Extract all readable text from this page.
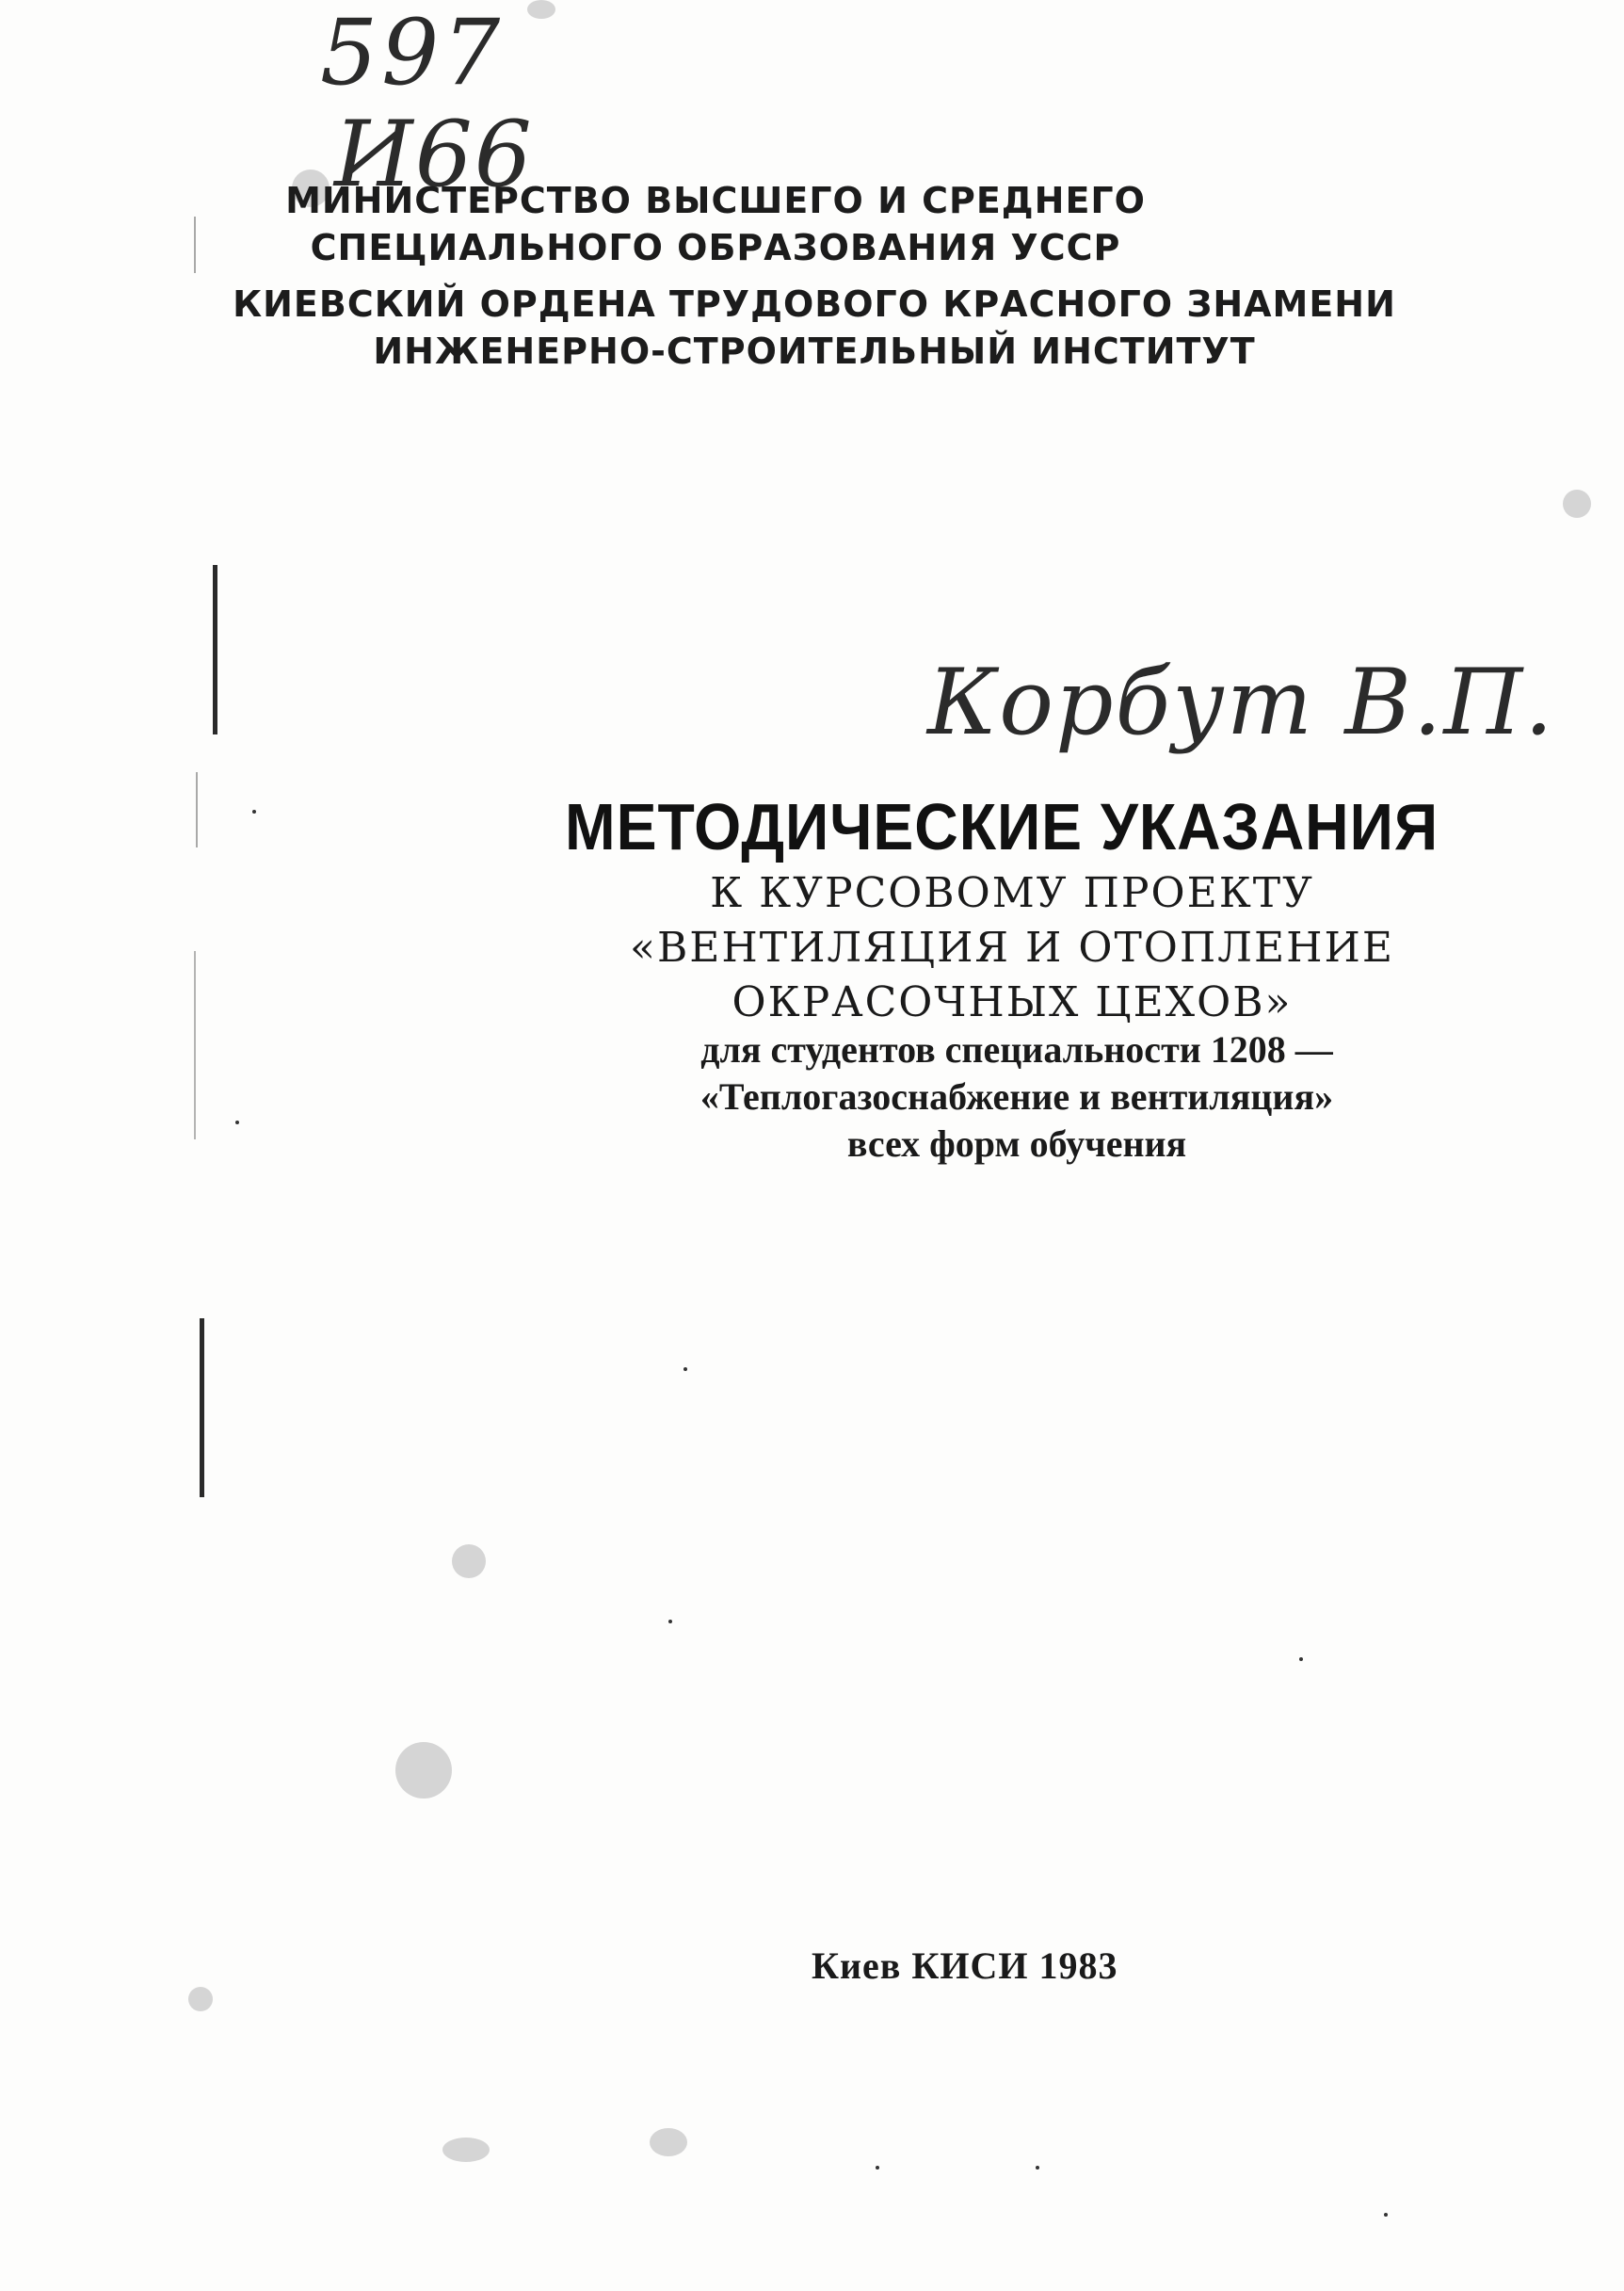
597
И66
МИНИСТЕРСТВО ВЫСШЕГО И СРЕДНЕГО
СПЕЦИАЛЬНОГО ОБРАЗОВАНИЯ УССР
КИЕВСКИЙ ОРДЕНА ТРУДОВОГО КРАСНОГО ЗНАМЕНИ
ИНЖЕНЕРНО-СТРОИТЕЛЬНЫЙ ИНСТИТУТ
Корбут В.П.
МЕТОДИЧЕСКИЕ УКАЗАНИЯ
К КУРСОВОМУ ПРОЕКТУ
«ВЕНТИЛЯЦИЯ И ОТОПЛЕНИЕ
ОКРАСОЧНЫХ ЦЕХОВ»
для студентов специальности 1208 —
«Теплогазоснабжение и вентиляция»
всех форм обучения
Киев КИСИ 1983
